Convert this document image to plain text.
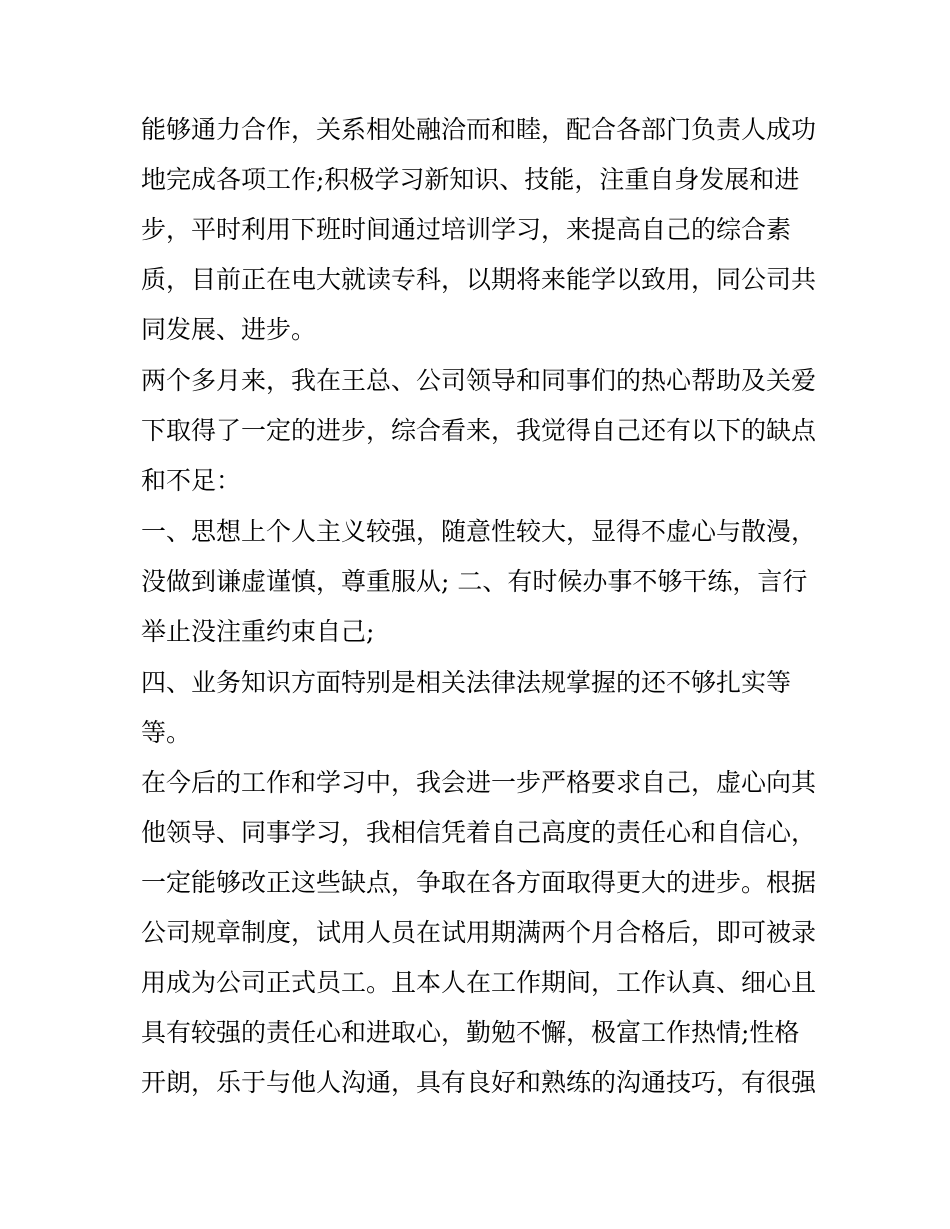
能够通力合作，关系相处融洽而和睦，配合各部门负责人成功
地完成各项工作;积极学习新知识、技能，注重自身发展和进
步，平时利用下班时间通过培训学习，来提高自己的综合素
质，目前正在电大就读专科，以期将来能学以致用，同公司共
同发展、进步。
两个多月来，我在王总、公司领导和同事们的热心帮助及关爱
下取得了一定的进步，综合看来，我觉得自己还有以下的缺点
和不足：
一、思想上个人主义较强，随意性较大，显得不虚心与散漫，
没做到谦虚谨慎，尊重服从; 二、有时候办事不够干练，言行
举止没注重约束自己;
四、业务知识方面特别是相关法律法规掌握的还不够扎实等
等。
在今后的工作和学习中，我会进一步严格要求自己，虚心向其
他领导、同事学习，我相信凭着自己高度的责任心和自信心，
一定能够改正这些缺点，争取在各方面取得更大的进步。根据
公司规章制度，试用人员在试用期满两个月合格后，即可被录
用成为公司正式员工。且本人在工作期间，工作认真、细心且
具有较强的责任心和进取心，勤勉不懈，极富工作热情;性格
开朗，乐于与他人沟通，具有良好和熟练的沟通技巧，有很强
